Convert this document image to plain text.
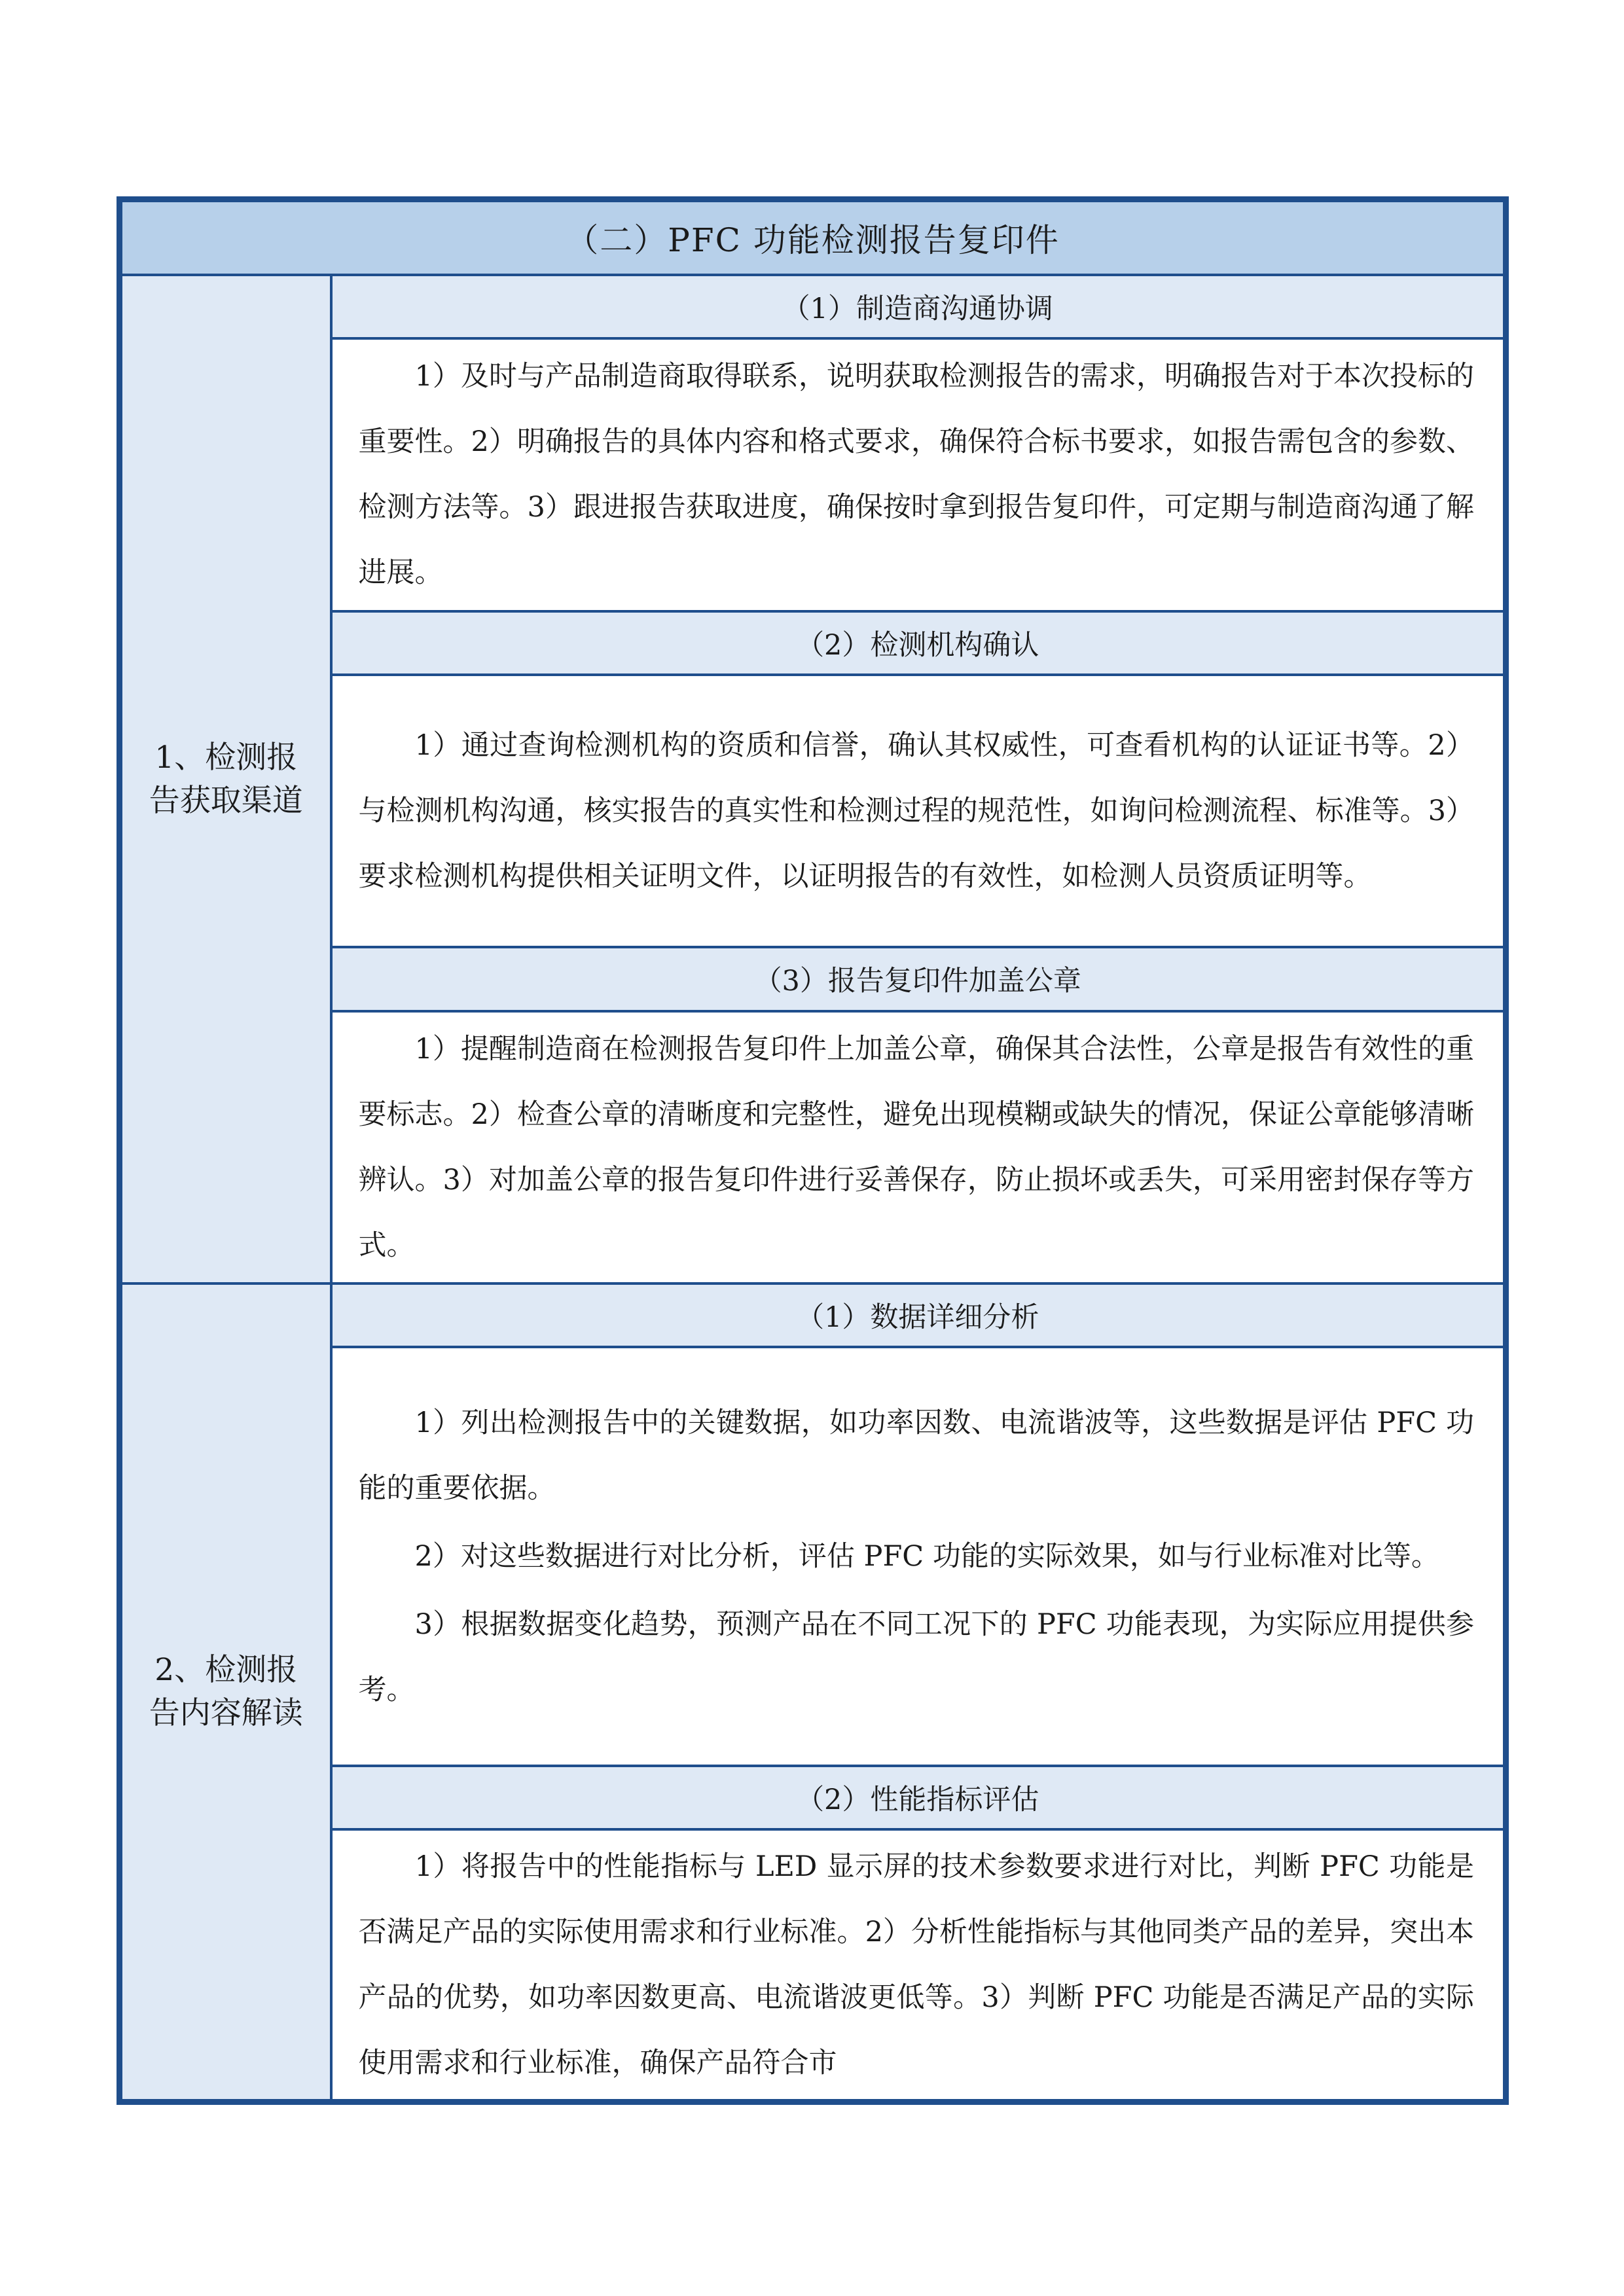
（二）PFC 功能检测报告复印件	
1、检测报告获取渠道	（1）制造商沟通协调

	1）及时与产品制造商取得联系，说明获取检测报告的需求，明确报告对于本次投标的重要性。2）明确报告的具体内容和格式要求，确保符合标书要求，如报告需包含的参数、检测方法等。3）跟进报告获取进度，确保按时拿到报告复印件，可定期与制造商沟通了解进展。

	（2）检测机构确认

	1）通过查询检测机构的资质和信誉，确认其权威性，可查看机构的认证证书等。2）与检测机构沟通，核实报告的真实性和检测过程的规范性，如询问检测流程、标准等。3）要求检测机构提供相关证明文件，以证明报告的有效性，如检测人员资质证明等。

	（3）报告复印件加盖公章

	1）提醒制造商在检测报告复印件上加盖公章，确保其合法性，公章是报告有效性的重要标志。2）检查公章的清晰度和完整性，避免出现模糊或缺失的情况，保证公章能够清晰辨认。3）对加盖公章的报告复印件进行妥善保存，防止损坏或丢失，可采用密封保存等方式。

2、检测报告内容解读	（1）数据详细分析

	1）列出检测报告中的关键数据，如功率因数、电流谐波等，这些数据是评估 PFC 功能的重要依据。

2）对这些数据进行对比分析，评估 PFC 功能的实际效果，如与行业标准对比等。

3）根据数据变化趋势，预测产品在不同工况下的 PFC 功能表现，为实际应用提供参考。

	（2）性能指标评估

	1）将报告中的性能指标与 LED 显示屏的技术参数要求进行对比，判断 PFC 功能是否满足产品的实际使用需求和行业标准。2）分析性能指标与其他同类产品的差异，突出本产品的优势，如功率因数更高、电流谐波更低等。3）判断 PFC 功能是否满足产品的实际使用需求和行业标准，确保产品符合市
